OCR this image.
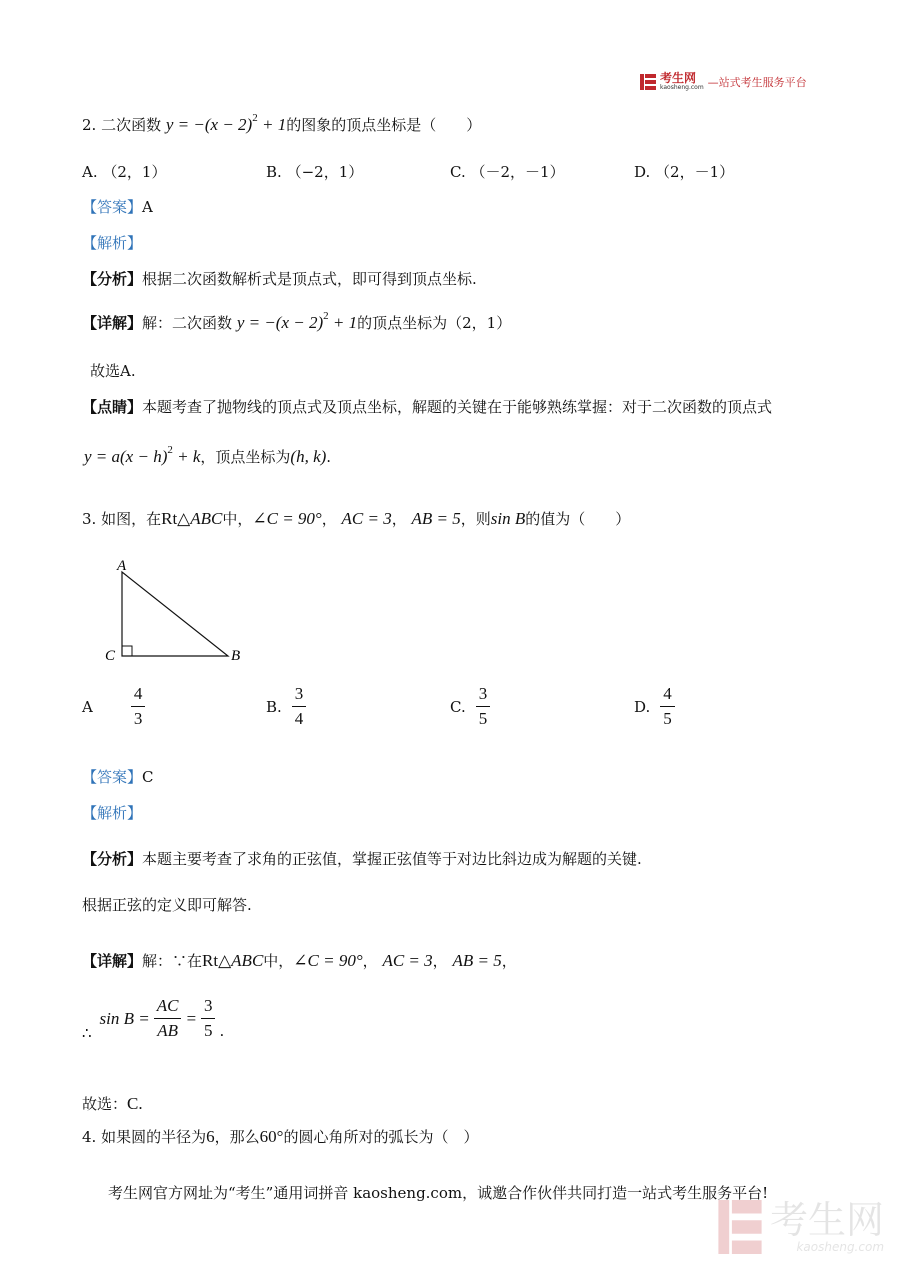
考生网
kaosheng.com —站式考生服务平台
2. 二次函数 $y = -(x - 2)^2 + 1$的图象的顶点坐标是（　　）
A. （2，1）	B. （−2，1）	C. （－2，－1）	D. （2，－1）
【答案】A
【解析】
【分析】根据二次函数解析式是顶点式，即可得到顶点坐标.
【详解】解：二次函数 $y = -(x - 2)^2 + 1$的顶点坐标为（2，1）
故选A.
【点睛】本题考查了抛物线的顶点式及顶点坐标，解题的关键在于能够熟练掌握：对于二次函数的顶点式
$y = a(x - h)^2 + k$，顶点坐标为(h, k).
3. 如图，在Rt△ABC中，∠C = 90°， AC = 3， AB = 5，则sin B的值为（　　）
A
C	B
A $\frac{4}{3}$	B. $\frac{3}{4}$	C. $\frac{3}{5}$	D. $\frac{4}{5}$
【答案】C
【解析】
【分析】本题主要考查了求角的正弦值，掌握正弦值等于对边比斜边成为解题的关键.
根据正弦的定义即可解答.
【详解】解：∵在Rt△ABC中，∠C = 90°， AC = 3， AB = 5，
∴
$\sin B = \frac{AC}{AB} = \frac{3}{5}$ .
故选：C.
4. 如果圆的半径为6，那么60°的圆心角所对的弧长为（　）
考生网官方网址为“考生”通用词拼音 kaosheng.com，诚邀合作伙伴共同打造一站式考生服务平台!
考生网
kaosheng.com
